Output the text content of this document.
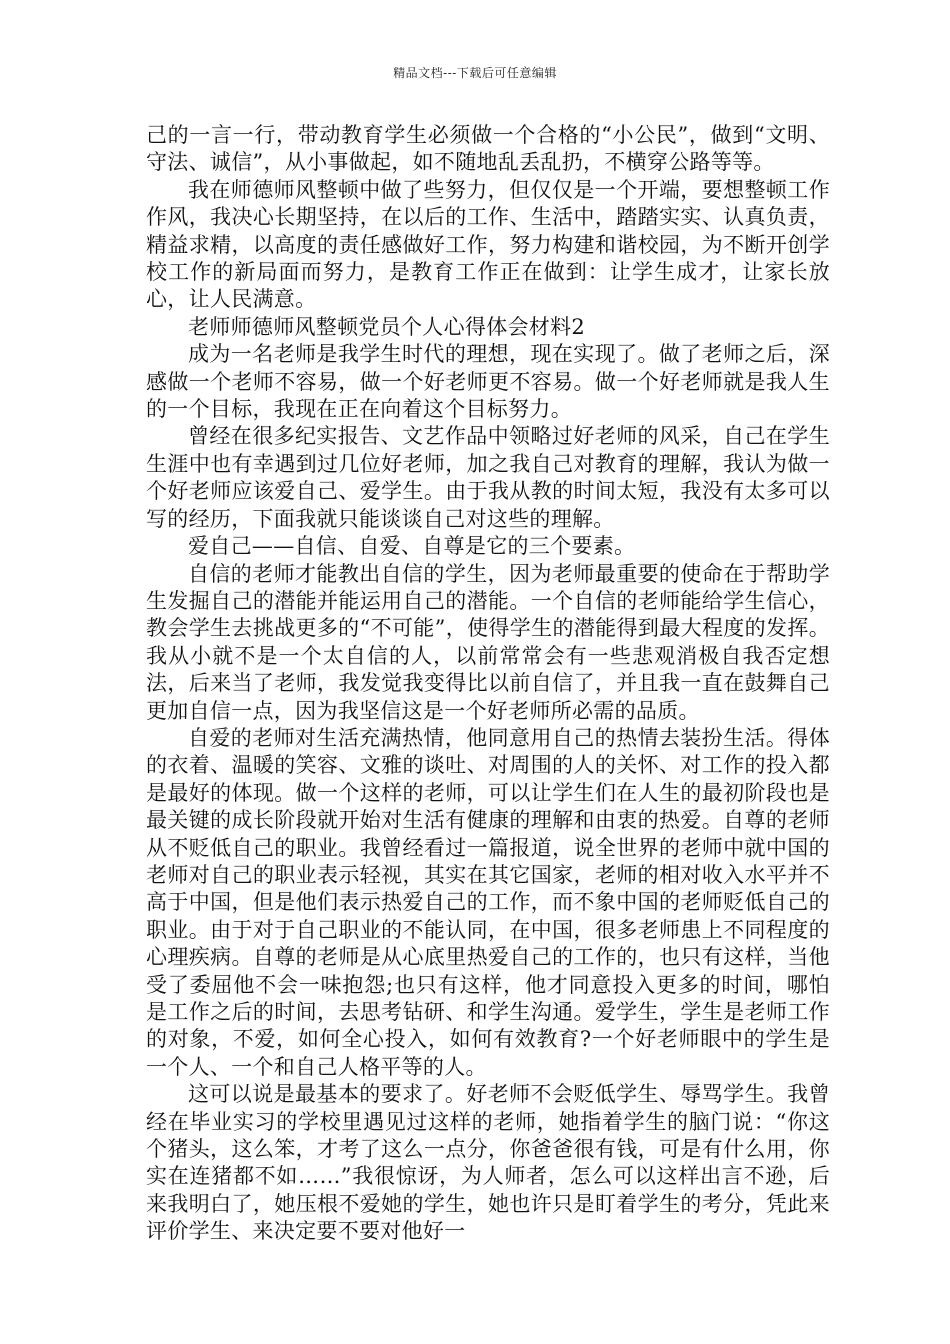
精品文档---下载后可任意编辑

己的一言一行，带动教育学生必须做一个合格的“小公民”，做到“文明、守法、诚信”，从小事做起，如不随地乱丢乱扔，不横穿公路等等。

我在师德师风整顿中做了些努力，但仅仅是一个开端，要想整顿工作作风，我决心长期坚持，在以后的工作、生活中，踏踏实实、认真负责，精益求精，以高度的责任感做好工作，努力构建和谐校园，为不断开创学校工作的新局面而努力，是教育工作正在做到：让学生成才，让家长放心，让人民满意。

老师师德师风整顿党员个人心得体会材料2

成为一名老师是我学生时代的理想，现在实现了。做了老师之后，深感做一个老师不容易，做一个好老师更不容易。做一个好老师就是我人生的一个目标，我现在正在向着这个目标努力。

曾经在很多纪实报告、文艺作品中领略过好老师的风采，自己在学生生涯中也有幸遇到过几位好老师，加之我自己对教育的理解，我认为做一个好老师应该爱自己、爱学生。由于我从教的时间太短，我没有太多可以写的经历，下面我就只能谈谈自己对这些的理解。

爱自己——自信、自爱、自尊是它的三个要素。

自信的老师才能教出自信的学生，因为老师最重要的使命在于帮助学生发掘自己的潜能并能运用自己的潜能。一个自信的老师能给学生信心，教会学生去挑战更多的“不可能”，使得学生的潜能得到最大程度的发挥。我从小就不是一个太自信的人，以前常常会有一些悲观消极自我否定想法，后来当了老师，我发觉我变得比以前自信了，并且我一直在鼓舞自己更加自信一点，因为我坚信这是一个好老师所必需的品质。

自爱的老师对生活充满热情，他同意用自己的热情去装扮生活。得体的衣着、温暖的笑容、文雅的谈吐、对周围的人的关怀、对工作的投入都是最好的体现。做一个这样的老师，可以让学生们在人生的最初阶段也是最关键的成长阶段就开始对生活有健康的理解和由衷的热爱。自尊的老师从不贬低自己的职业。我曾经看过一篇报道，说全世界的老师中就中国的老师对自己的职业表示轻视，其实在其它国家，老师的相对收入水平并不高于中国，但是他们表示热爱自己的工作，而不象中国的老师贬低自己的职业。由于对于自己职业的不能认同，在中国，很多老师患上不同程度的心理疾病。自尊的老师是从心底里热爱自己的工作的，也只有这样，当他受了委屈他不会一味抱怨;也只有这样，他才同意投入更多的时间，哪怕是工作之后的时间，去思考钻研、和学生沟通。爱学生，学生是老师工作的对象，不爱，如何全心投入，如何有效教育?一个好老师眼中的学生是一个人、一个和自己人格平等的人。

这可以说是最基本的要求了。好老师不会贬低学生、辱骂学生。我曾经在毕业实习的学校里遇见过这样的老师，她指着学生的脑门说：“你这个猪头，这么笨，才考了这么一点分，你爸爸很有钱，可是有什么用，你实在连猪都不如……”我很惊讶，为人师者，怎么可以这样出言不逊，后来我明白了，她压根不爱她的学生，她也许只是盯着学生的考分，凭此来评价学生、来决定要不要对他好一
